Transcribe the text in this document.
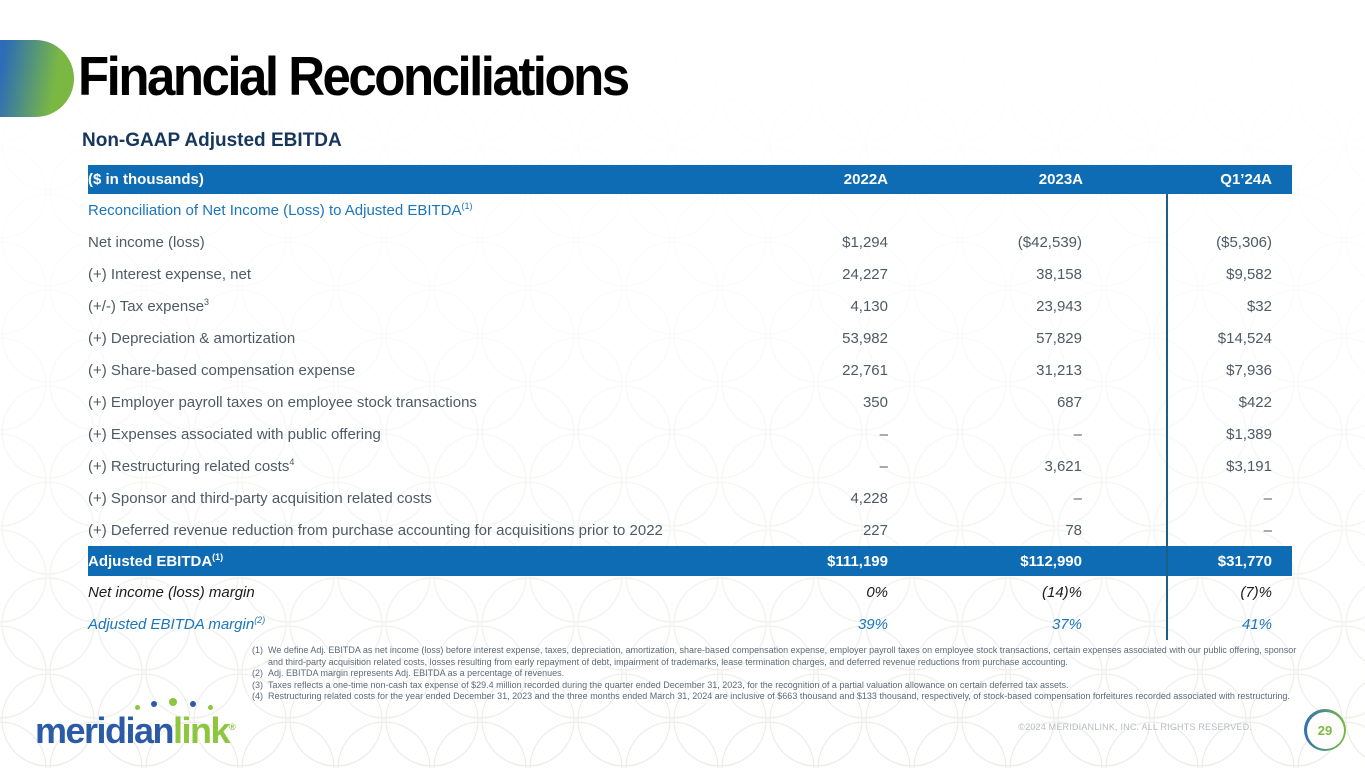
Financial Reconciliations
Non-GAAP Adjusted EBITDA
($ in thousands)	2022A	2023A	Q1’24A
Reconciliation of Net Income (Loss) to Adjusted EBITDA$^{(1)}$			
Net income (loss)	$1,294	($42,539)	($5,306)
(+) Interest expense, net	24,227	38,158	$9,582
(+/-) Tax expense$^3$	4,130	23,943	$32
(+) Depreciation & amortization	53,982	57,829	$14,524
(+) Share-based compensation expense	22,761	31,213	$7,936
(+) Employer payroll taxes on employee stock transactions	350	687	$422
(+) Expenses associated with public offering	–	–	$1,389
(+) Restructuring related costs$^4$	–	3,621	$3,191
(+) Sponsor and third-party acquisition related costs	4,228	–	–
(+) Deferred revenue reduction from purchase accounting for acquisitions prior to 2022	227	78	–
Adjusted EBITDA$^{(1)}$	$111,199	$112,990	$31,770
Net income (loss) margin	0%	(14)%	(7)%
Adjusted EBITDA margin$^{(2)}$	39%	37%	41%
(1) We define Adj. EBITDA as net income (loss) before interest expense, taxes, depreciation, amortization, share-based compensation expense, employer payroll taxes on employee stock transactions, certain expenses associated with our public offering, sponsor and third-party acquisition related costs, losses resulting from early repayment of debt, impairment of trademarks, lease termination charges, and deferred revenue reductions from purchase accounting.
(2) Adj. EBITDA margin represents Adj. EBITDA as a percentage of revenues.
(3) Taxes reflects a one-time non-cash tax expense of $29.4 million recorded during the quarter ended December 31, 2023, for the recognition of a partial valuation allowance on certain deferred tax assets.
(4) Restructuring related costs for the year ended December 31, 2023 and the three months ended March 31, 2024 are inclusive of $663 thousand and $133 thousand, respectively, of stock-based compensation forfeitures recorded associated with restructuring.
©2024 MERIDIANLINK, INC. ALL RIGHTS RESERVED.
meridianlink®	29
